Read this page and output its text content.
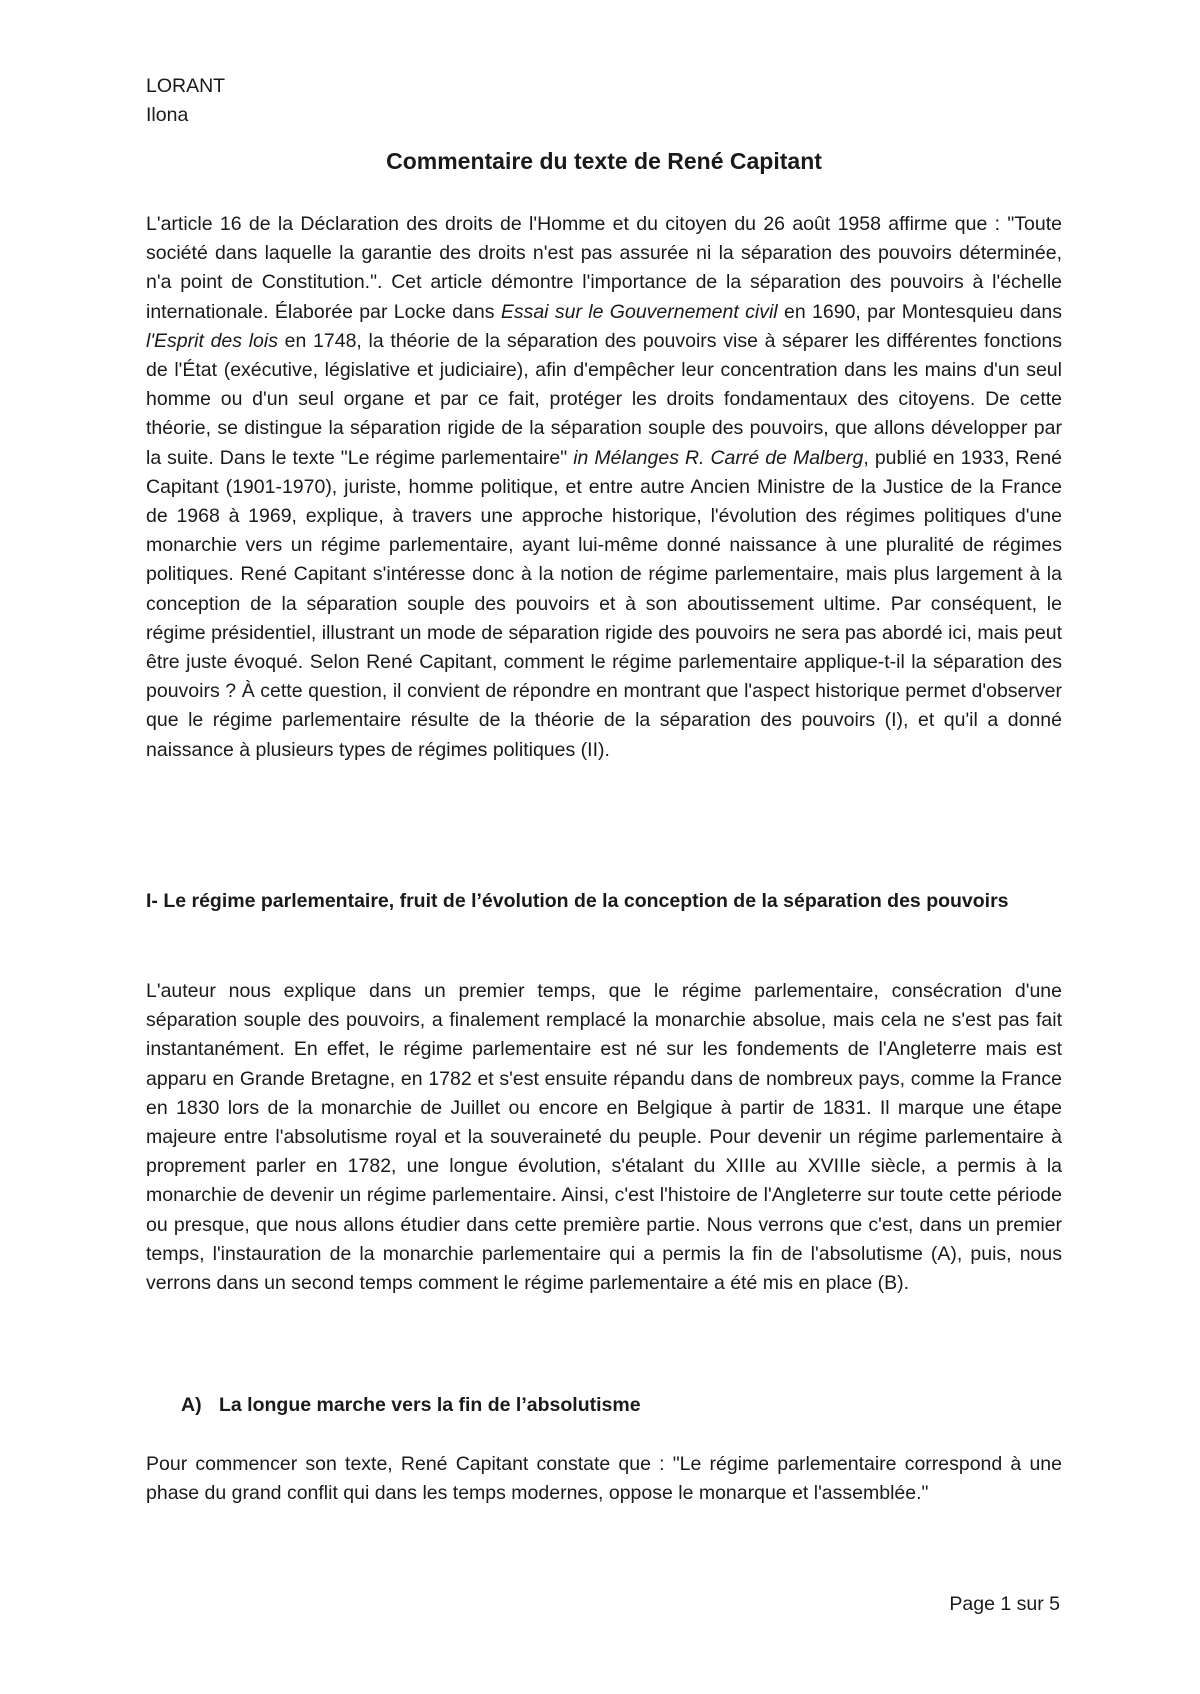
LORANT
Ilona
Commentaire du texte de René Capitant

L'article 16 de la Déclaration des droits de l'Homme et du citoyen du 26 août 1958 affirme que : "Toute société dans laquelle la garantie des droits n'est pas assurée ni la séparation des pouvoirs déterminée, n'a point de Constitution.". Cet article démontre l'importance de la séparation des pouvoirs à l'échelle internationale. Élaborée par Locke dans Essai sur le Gouvernement civil en 1690, par Montesquieu dans l'Esprit des lois en 1748, la théorie de la séparation des pouvoirs vise à séparer les différentes fonctions de l'État (exécutive, législative et judiciaire), afin d'empêcher leur concentration dans les mains d'un seul homme ou d'un seul organe et par ce fait, protéger les droits fondamentaux des citoyens. De cette théorie, se distingue la séparation rigide de la séparation souple des pouvoirs, que allons développer par la suite. Dans le texte "Le régime parlementaire" in Mélanges R. Carré de Malberg, publié en 1933, René Capitant (1901-1970), juriste, homme politique, et entre autre Ancien Ministre de la Justice de la France de 1968 à 1969, explique, à travers une approche historique, l'évolution des régimes politiques d'une monarchie vers un régime parlementaire, ayant lui-même donné naissance à une pluralité de régimes politiques. René Capitant s'intéresse donc à la notion de régime parlementaire, mais plus largement à la conception de la séparation souple des pouvoirs et à son aboutissement ultime. Par conséquent, le régime présidentiel, illustrant un mode de séparation rigide des pouvoirs ne sera pas abordé ici, mais peut être juste évoqué. Selon René Capitant, comment le régime parlementaire applique-t-il la séparation des pouvoirs ? À cette question, il convient de répondre en montrant que l'aspect historique permet d'observer que le régime parlementaire résulte de la théorie de la séparation des pouvoirs (I), et qu'il a donné naissance à plusieurs types de régimes politiques (II).

I- Le régime parlementaire, fruit de l’évolution de la conception de la séparation des pouvoirs

L'auteur nous explique dans un premier temps, que le régime parlementaire, consécration d'une séparation souple des pouvoirs, a finalement remplacé la monarchie absolue, mais cela ne s'est pas fait instantanément. En effet, le régime parlementaire est né sur les fondements de l'Angleterre mais est apparu en Grande Bretagne, en 1782 et s'est ensuite répandu dans de nombreux pays, comme la France en 1830 lors de la monarchie de Juillet ou encore en Belgique à partir de 1831. Il marque une étape majeure entre l'absolutisme royal et la souveraineté du peuple. Pour devenir un régime parlementaire à proprement parler en 1782, une longue évolution, s'étalant du XIIIe au XVIIIe siècle, a permis à la monarchie de devenir un régime parlementaire. Ainsi, c'est l'histoire de l'Angleterre sur toute cette période ou presque, que nous allons étudier dans cette première partie. Nous verrons que c'est, dans un premier temps, l'instauration de la monarchie parlementaire qui a permis la fin de l'absolutisme (A), puis, nous verrons dans un second temps comment le régime parlementaire a été mis en place (B).

A) La longue marche vers la fin de l’absolutisme

Pour commencer son texte, René Capitant constate que : "Le régime parlementaire correspond à une phase du grand conflit qui dans les temps modernes, oppose le monarque et l'assemblée."

Page 1 sur 5
